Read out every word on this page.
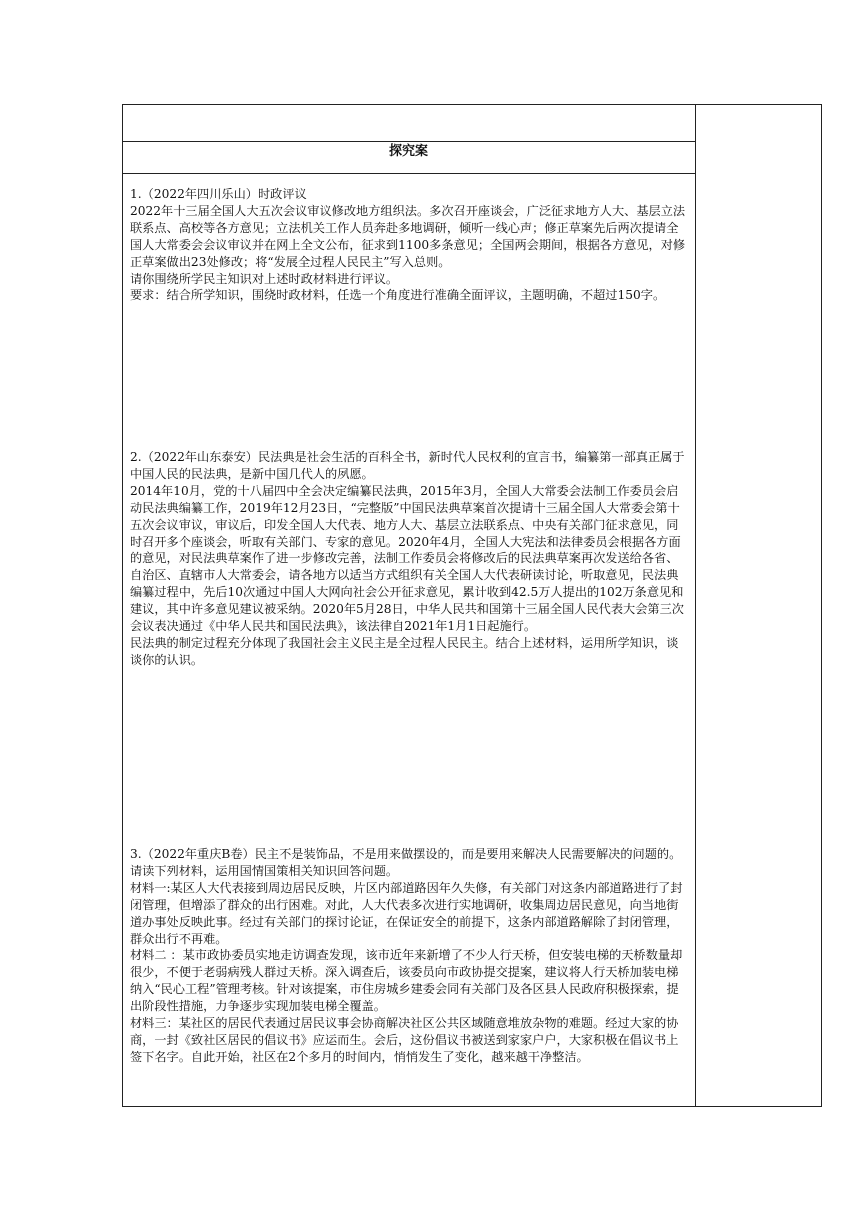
探究案

1.（2022年四川乐山）时政评议

2022年十三届全国人大五次会议审议修改地方组织法。多次召开座谈会，广泛征求地方人大、基层立法联系点、高校等各方意见；立法机关工作人员奔赴多地调研，倾听一线心声；修正草案先后两次提请全国人大常委会会议审议并在网上全文公布，征求到1100多条意见；全国两会期间，根据各方意见，对修正草案做出23处修改；将“发展全过程人民民主”写入总则。

请你围绕所学民主知识对上述时政材料进行评议。

要求：结合所学知识，围绕时政材料，任选一个角度进行准确全面评议，主题明确，不超过150字。

2.（2022年山东泰安）民法典是社会生活的百科全书，新时代人民权利的宣言书，编纂第一部真正属于中国人民的民法典，是新中国几代人的夙愿。

2014年10月，党的十八届四中全会决定编纂民法典，2015年3月，全国人大常委会法制工作委员会启动民法典编纂工作，2019年12月23日，“完整版”中国民法典草案首次提请十三届全国人大常委会第十五次会议审议，审议后，印发全国人大代表、地方人大、基层立法联系点、中央有关部门征求意见，同时召开多个座谈会，听取有关部门、专家的意见。2020年4月，全国人大宪法和法律委员会根据各方面的意见，对民法典草案作了进一步修改完善，法制工作委员会将修改后的民法典草案再次发送给各省、自治区、直辖市人大常委会，请各地方以适当方式组织有关全国人大代表研读讨论，听取意见，民法典编纂过程中，先后10次通过中国人大网向社会公开征求意见，累计收到42.5万人提出的102万条意见和建议，其中许多意见建议被采纳。2020年5月28日，中华人民共和国第十三届全国人民代表大会第三次会议表决通过《中华人民共和国民法典》，该法律自2021年1月1日起施行。

民法典的制定过程充分体现了我国社会主义民主是全过程人民民主。结合上述材料，运用所学知识，谈谈你的认识。

3.（2022年重庆B卷）民主不是装饰品，不是用来做摆设的，而是要用来解决人民需要解决的问题的。请读下列材料，运用国情国策相关知识回答问题。

材料一:某区人大代表接到周边居民反映，片区内部道路因年久失修，有关部门对这条内部道路进行了封闭管理，但增添了群众的出行困难。对此，人大代表多次进行实地调研，收集周边居民意见，向当地街道办事处反映此事。经过有关部门的探讨论证，在保证安全的前提下，这条内部道路解除了封闭管理，群众出行不再难。

材料二 ：某市政协委员实地走访调查发现，该市近年来新增了不少人行天桥，但安装电梯的天桥数量却很少，不便于老弱病残人群过天桥。深入调查后，该委员向市政协提交提案，建议将人行天桥加装电梯纳入“民心工程”管理考核。针对该提案，市住房城乡建委会同有关部门及各区县人民政府积极探索，提出阶段性措施，力争逐步实现加装电梯全覆盖。

材料三：某社区的居民代表通过居民议事会协商解决社区公共区域随意堆放杂物的难题。经过大家的协商，一封《致社区居民的倡议书》应运而生。会后，这份倡议书被送到家家户户，大家积极在倡议书上签下名字。自此开始，社区在2个多月的时间内，悄悄发生了变化，越来越干净整洁。
